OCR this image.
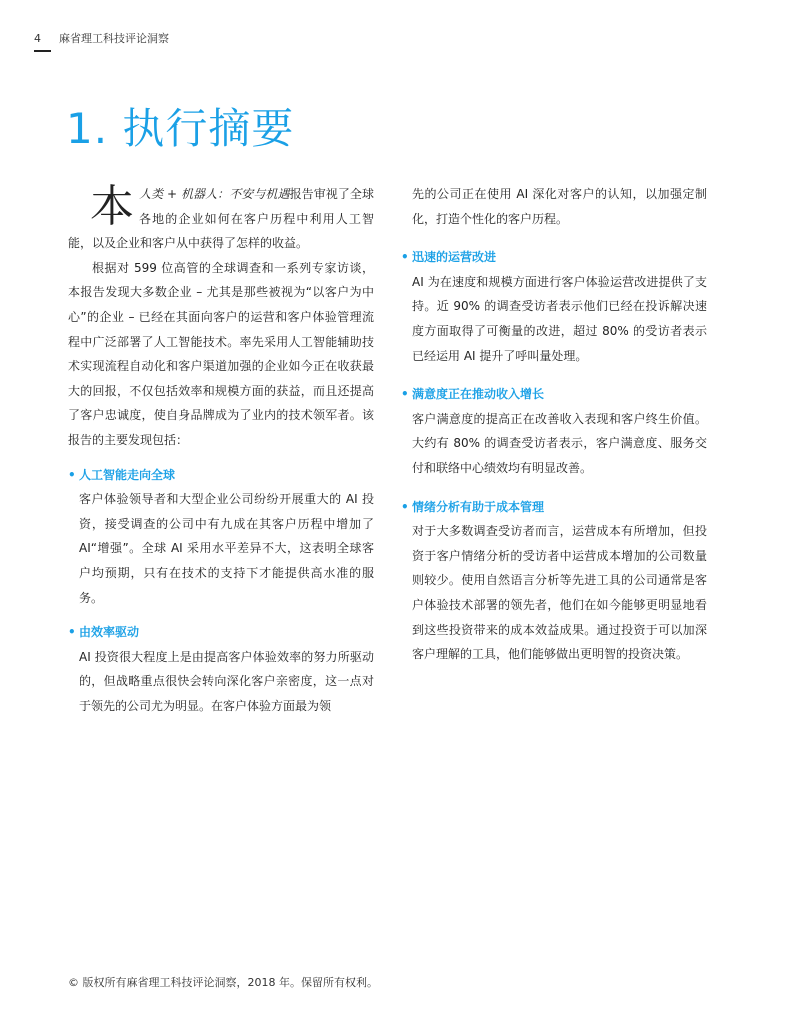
4 麻省理工科技评论洞察
1. 执行摘要

本人类 + 机器人：不安与机遇报告审视了全球各地的企业如何在客户历程中利用人工智能，以及企业和客户从中获得了怎样的收益。

根据对 599 位高管的全球调查和一系列专家访谈，本报告发现大多数企业 – 尤其是那些被视为“以客户为中心”的企业 – 已经在其面向客户的运营和客户体验管理流程中广泛部署了人工智能技术。率先采用人工智能辅助技术实现流程自动化和客户渠道加强的企业如今正在收获最大的回报，不仅包括效率和规模方面的获益，而且还提高了客户忠诚度，使自身品牌成为了业内的技术领军者。该报告的主要发现包括：

• 人工智能走向全球

客户体验领导者和大型企业公司纷纷开展重大的 AI 投资，接受调查的公司中有九成在其客户历程中增加了 AI“增强”。全球 AI 采用水平差异不大，这表明全球客户均预期，只有在技术的支持下才能提供高水准的服务。

• 由效率驱动

AI 投资很大程度上是由提高客户体验效率的努力所驱动的，但战略重点很快会转向深化客户亲密度，这一点对于领先的公司尤为明显。在客户体验方面最为领

先的公司正在使用 AI 深化对客户的认知，以加强定制化，打造个性化的客户历程。

• 迅速的运营改进

AI 为在速度和规模方面进行客户体验运营改进提供了支持。近 90% 的调查受访者表示他们已经在投诉解决速度方面取得了可衡量的改进，超过 80% 的受访者表示已经运用 AI 提升了呼叫量处理。

• 满意度正在推动收入增长

客户满意度的提高正在改善收入表现和客户终生价值。大约有 80% 的调查受访者表示，客户满意度、服务交付和联络中心绩效均有明显改善。

• 情绪分析有助于成本管理

对于大多数调查受访者而言，运营成本有所增加，但投资于客户情绪分析的受访者中运营成本增加的公司数量则较少。使用自然语言分析等先进工具的公司通常是客户体验技术部署的领先者，他们在如今能够更明显地看到这些投资带来的成本效益成果。通过投资于可以加深客户理解的工具，他们能够做出更明智的投资决策。

© 版权所有麻省理工科技评论洞察，2018 年。保留所有权利。
